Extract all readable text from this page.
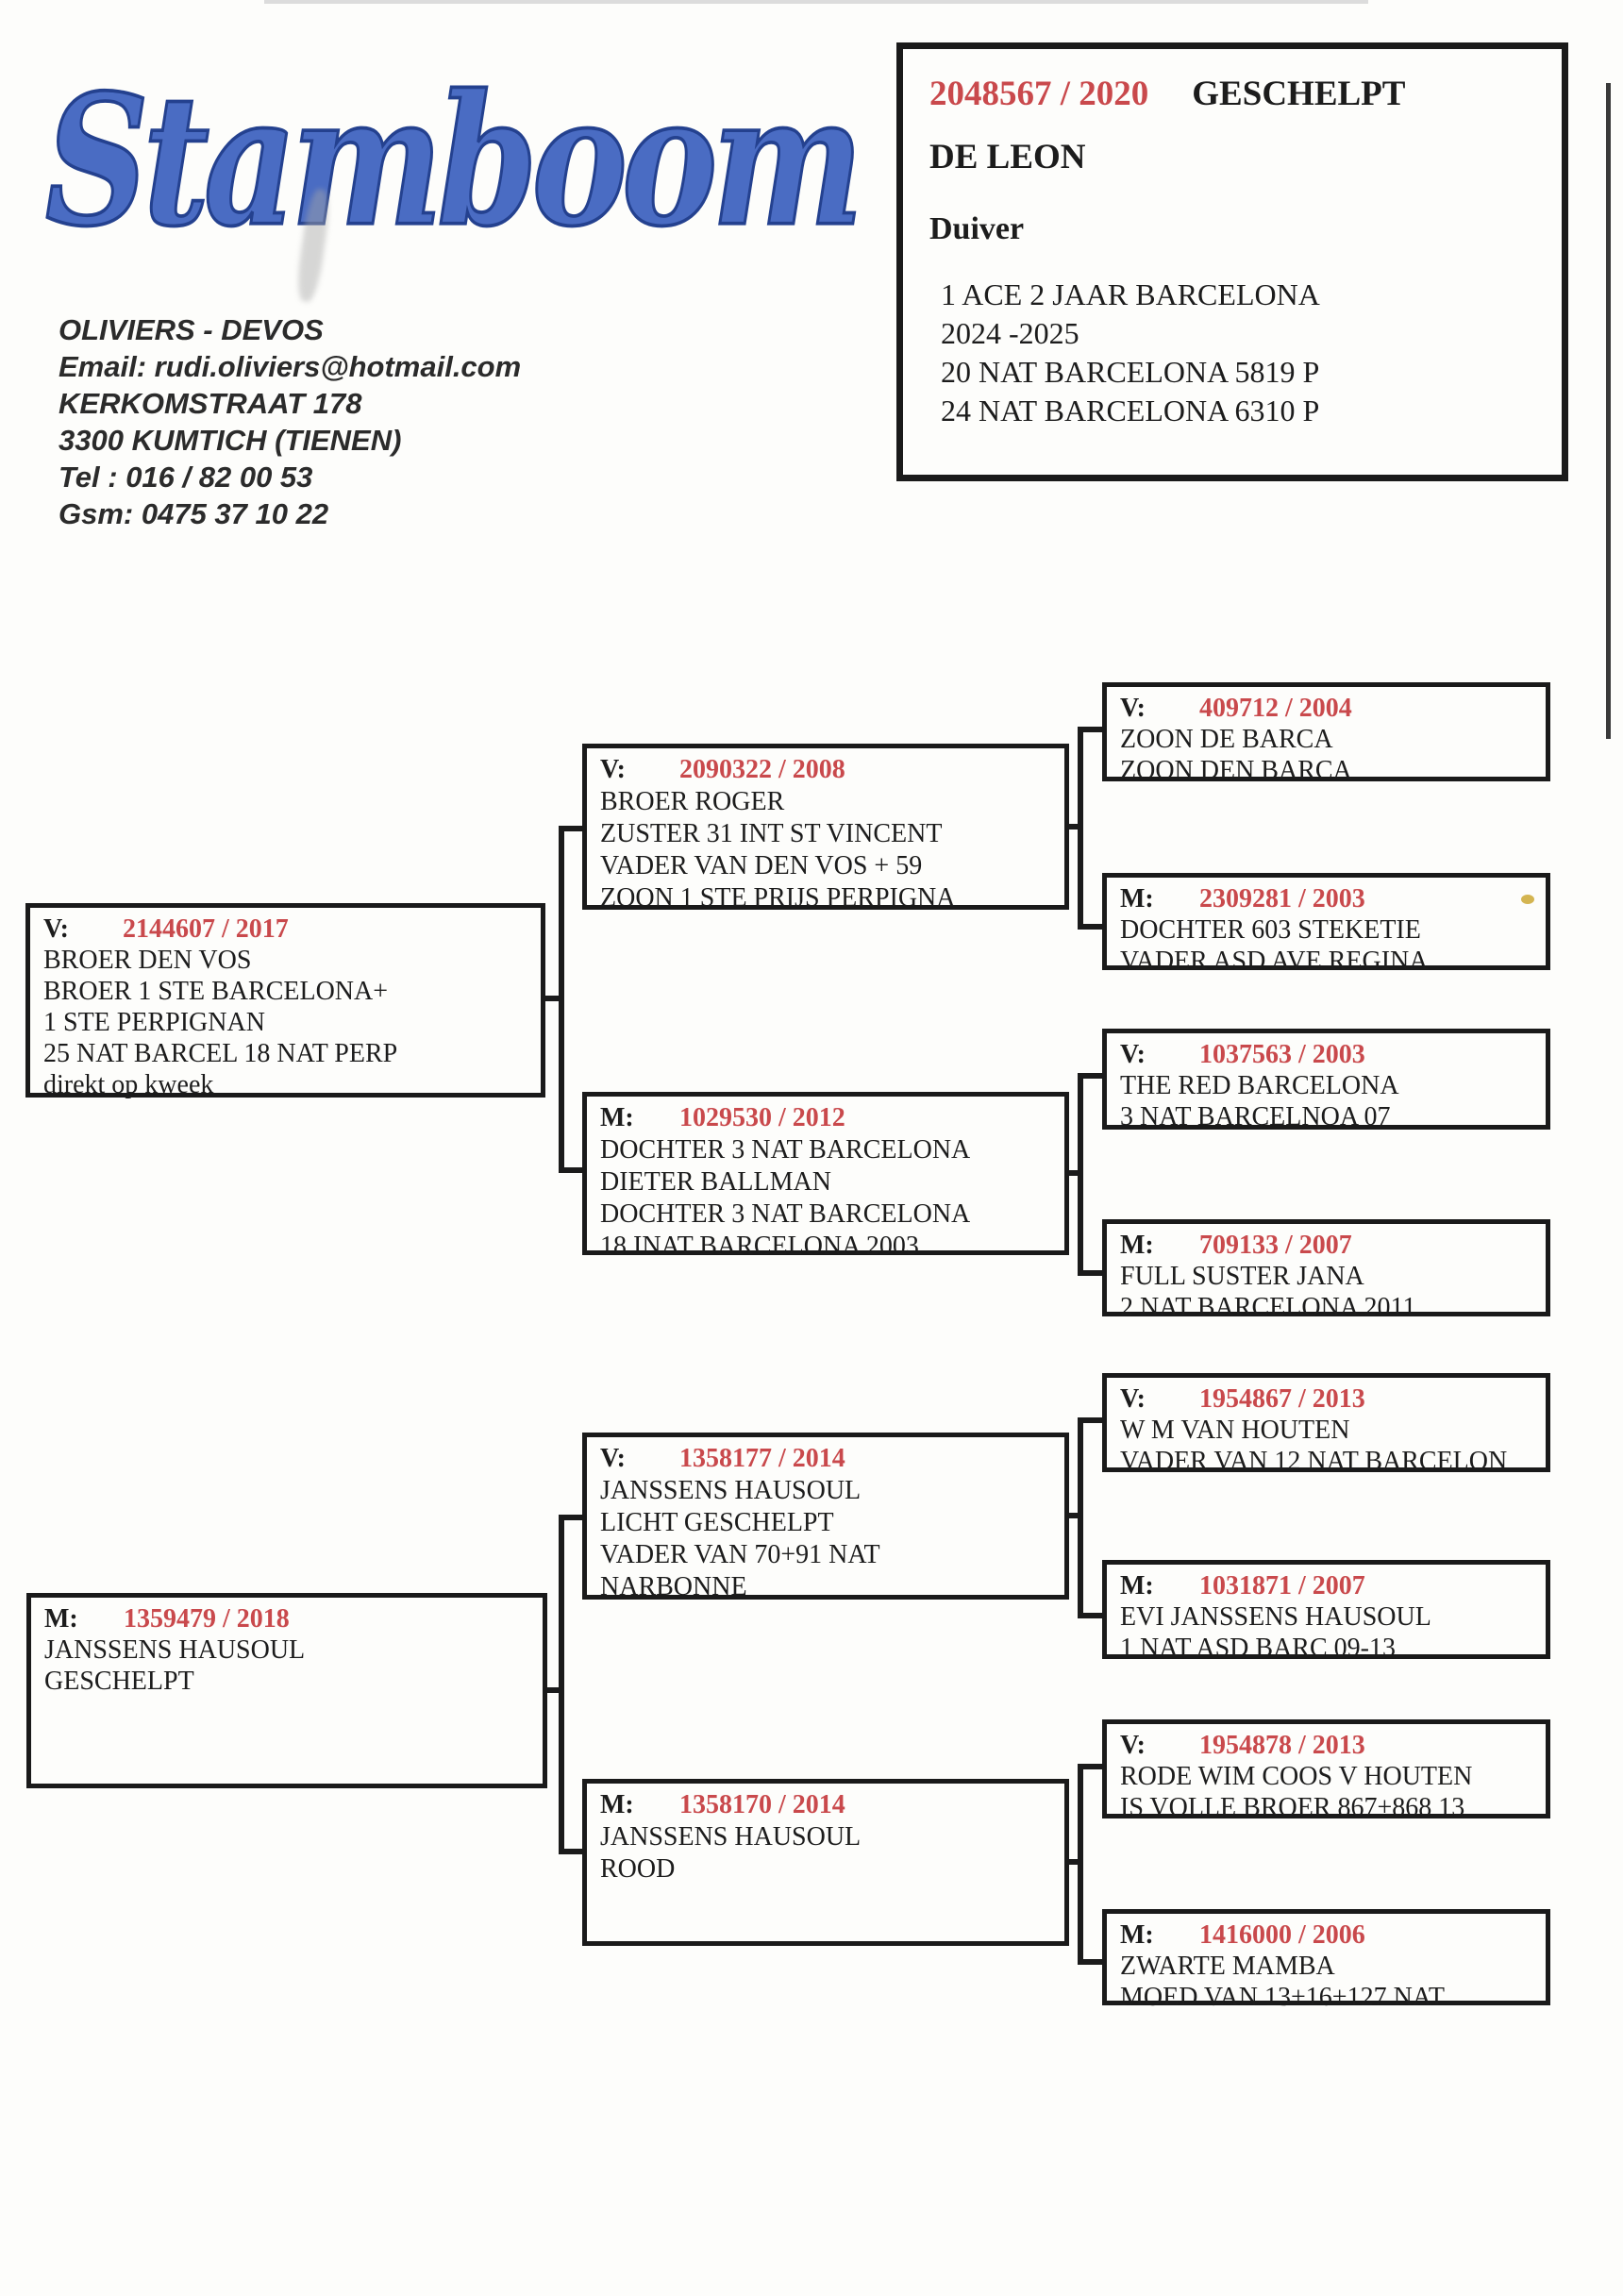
Stamboom
OLIVIERS - DEVOS
Email: rudi.oliviers@hotmail.com
KERKOMSTRAAT 178
3300 KUMTICH (TIENEN)
Tel : 016 / 82 00 53
Gsm: 0475 37 10 22
2048567 / 2020 GESCHELPT
DE LEON
Duiver
1 ACE 2 JAAR BARCELONA
2024 -2025
20 NAT BARCELONA 5819 P
24 NAT BARCELONA 6310 P
V:	2144607 / 2017
BROER DEN VOS
BROER 1 STE BARCELONA+
1 STE PERPIGNAN
25 NAT BARCEL 18 NAT PERP
direkt op kweek
M: 1359479 / 2018
JANSSENS HAUSOUL
GESCHELPT
V:	2090322 / 2008
BROER ROGER
ZUSTER 31 INT ST VINCENT
VADER VAN DEN VOS + 59
ZOON 1 STE PRIJS PERPIGNA
M: 1029530 / 2012
DOCHTER 3 NAT BARCELONA
DIETER BALLMAN
DOCHTER 3 NAT BARCELONA
18 INAT BARCELONA 2003
V:	1358177 / 2014
JANSSENS HAUSOUL
LICHT GESCHELPT
VADER VAN 70+91 NAT
NARBONNE
M: 1358170 / 2014
JANSSENS HAUSOUL
ROOD
V:	409712 / 2004
ZOON DE BARCA
ZOON DEN BARCA
M: 2309281 / 2003
DOCHTER 603 STEKETIE
VADER ASD AVE REGINA
V:	1037563 / 2003
THE RED BARCELONA
3 NAT BARCELNOA 07
M: 709133 / 2007
FULL SUSTER JANA
2 NAT BARCELONA 2011
V:	1954867 / 2013
W M VAN HOUTEN
VADER VAN 12 NAT BARCELON
M: 1031871 / 2007
EVI JANSSENS HAUSOUL
1 NAT ASD BARC 09-13
V:	1954878 / 2013
RODE WIM COOS V HOUTEN
IS VOLLE BROER 867+868 13
M: 1416000 / 2006
ZWARTE MAMBA
MOED VAN 13+16+127 NAT
